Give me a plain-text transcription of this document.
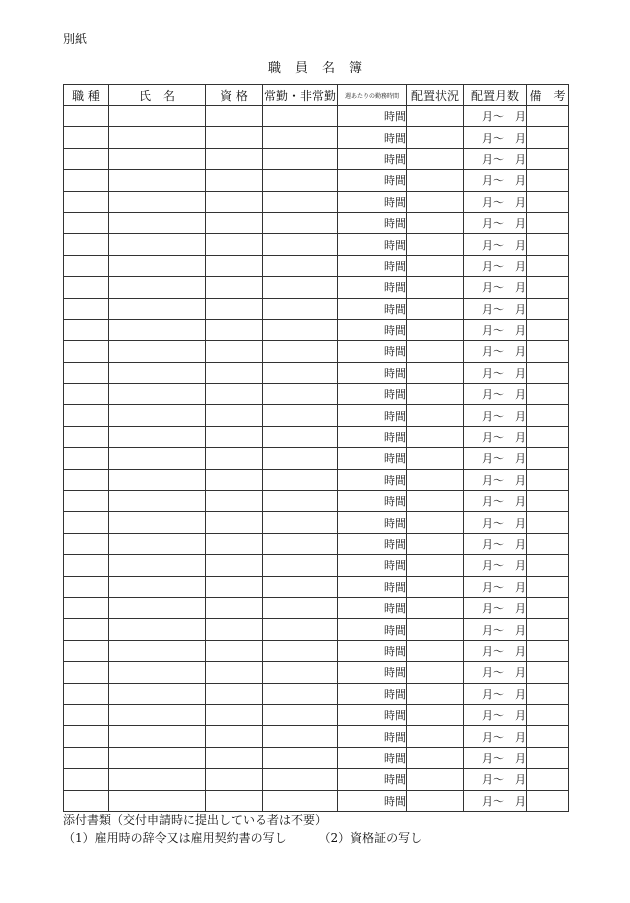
別紙
職員名簿
職 種	氏　名	資 格	常勤・非常勤	週あたりの勤務時間	配置状況	配置月数	備　考
				時間		月～　月	
				時間		月～　月	
				時間		月～　月	
				時間		月～　月	
				時間		月～　月	
				時間		月～　月	
				時間		月～　月	
				時間		月～　月	
				時間		月～　月	
				時間		月～　月	
				時間		月～　月	
				時間		月～　月	
				時間		月～　月	
				時間		月～　月	
				時間		月～　月	
				時間		月～　月	
				時間		月～　月	
				時間		月～　月	
				時間		月～　月	
				時間		月～　月	
				時間		月～　月	
				時間		月～　月	
				時間		月～　月	
				時間		月～　月	
				時間		月～　月	
				時間		月～　月	
				時間		月～　月	
				時間		月～　月	
				時間		月～　月	
				時間		月～　月	
				時間		月～　月	
				時間		月～　月	
				時間		月～　月	
添付書類（交付申請時に提出している者は不要）
（1）雇用時の辞令又は雇用契約書の写し	（2）資格証の写し
